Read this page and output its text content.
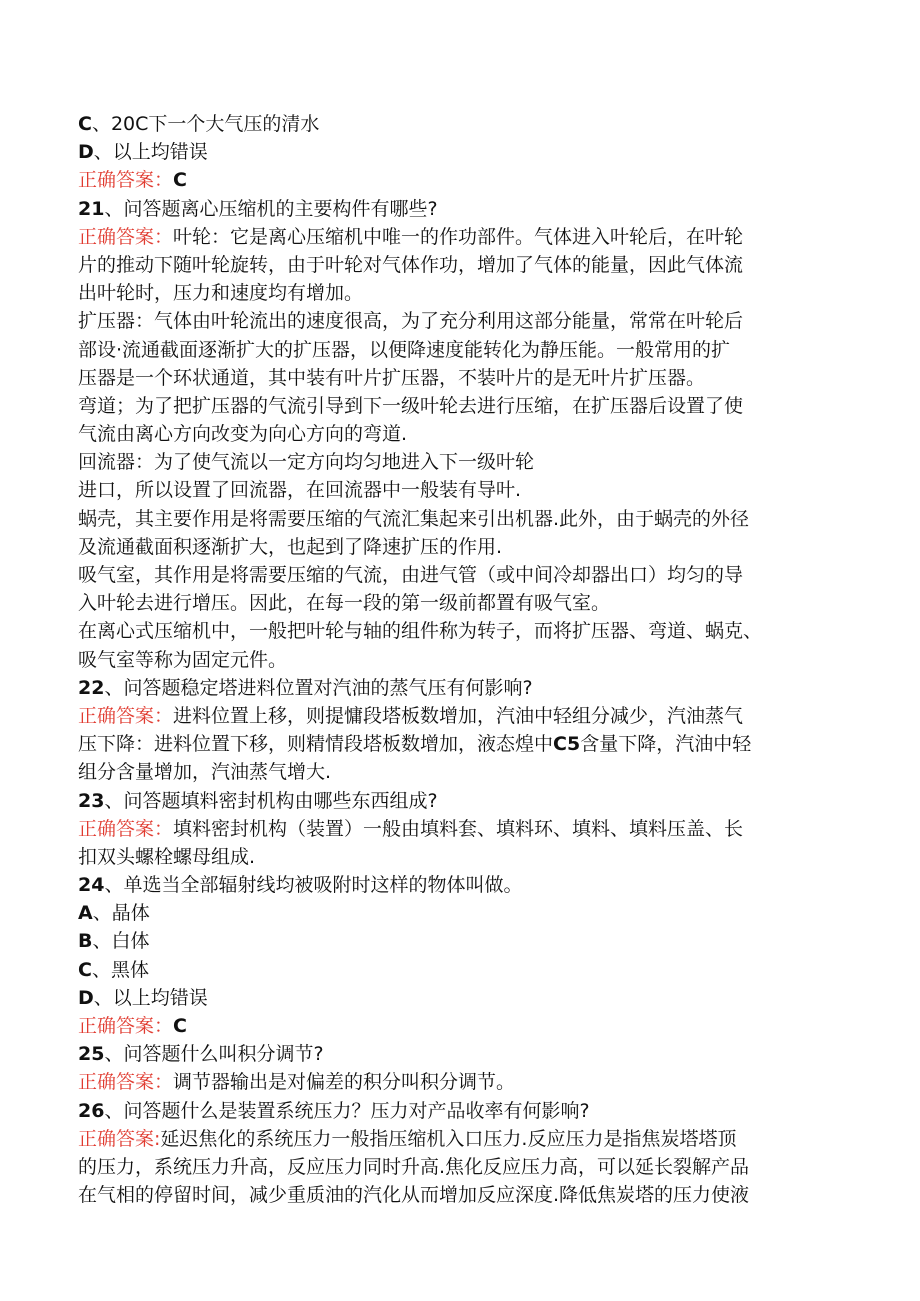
C、20C下一个大气压的清水
D、以上均错误
正确答案：C
21、问答题离心压缩机的主要构件有哪些?
正确答案：叶轮：它是离心压缩机中唯一的作功部件。气体进入叶轮后，在叶轮
片的推动下随叶轮旋转，由于叶轮对气体作功，增加了气体的能量，因此气体流
出叶轮时，压力和速度均有增加。
扩压器：气体由叶轮流出的速度很高，为了充分利用这部分能量，常常在叶轮后
部设·流通截面逐渐扩大的扩压器，以便降速度能转化为静压能。一般常用的扩
压器是一个环状通道，其中装有叶片扩压器，不装叶片的是无叶片扩压器。
弯道；为了把扩压器的气流引导到下一级叶轮去进行压缩，在扩压器后设置了使
气流由离心方向改变为向心方向的弯道.
回流器：为了使气流以一定方向均匀地进入下一级叶轮
进口，所以设置了回流器，在回流器中一般装有导叶.
蜗壳，其主要作用是将需要压缩的气流汇集起来引出机器.此外，由于蜗壳的外径
及流通截面积逐渐扩大，也起到了降速扩压的作用.
吸气室，其作用是将需要压缩的气流，由进气管（或中间冷却器出口）均匀的导
入叶轮去进行增压。因此，在每一段的第一级前都置有吸气室。
在离心式压缩机中，一般把叶轮与轴的组件称为转子，而将扩压器、弯道、蜗克、
吸气室等称为固定元件。
22、问答题稳定塔进料位置对汽油的蒸气压有何影响?
正确答案：进料位置上移，则提慵段塔板数增加，汽油中轻组分减少，汽油蒸气
压下降：进料位置下移，则精情段塔板数增加，液态煌中C5含量下降，汽油中轻
组分含量增加，汽油蒸气增大.
23、问答题填料密封机构由哪些东西组成?
正确答案：填料密封机构（装置）一般由填料套、填料环、填料、填料压盖、长
扣双头螺栓螺母组成.
24、单选当全部辐射线均被吸附时这样的物体叫做。
A、晶体
B、白体
C、黑体
D、以上均错误
正确答案：C
25、问答题什么叫积分调节?
正确答案：调节器输出是对偏差的积分叫积分调节。
26、问答题什么是装置系统压力？压力对产品收率有何影响?
正确答案:延迟焦化的系统压力一般指压缩机入口压力.反应压力是指焦炭塔塔顶
的压力，系统压力升高，反应压力同时升高.焦化反应压力高，可以延长裂解产品
在气相的停留时间，减少重质油的汽化从而增加反应深度.降低焦炭塔的压力使液
